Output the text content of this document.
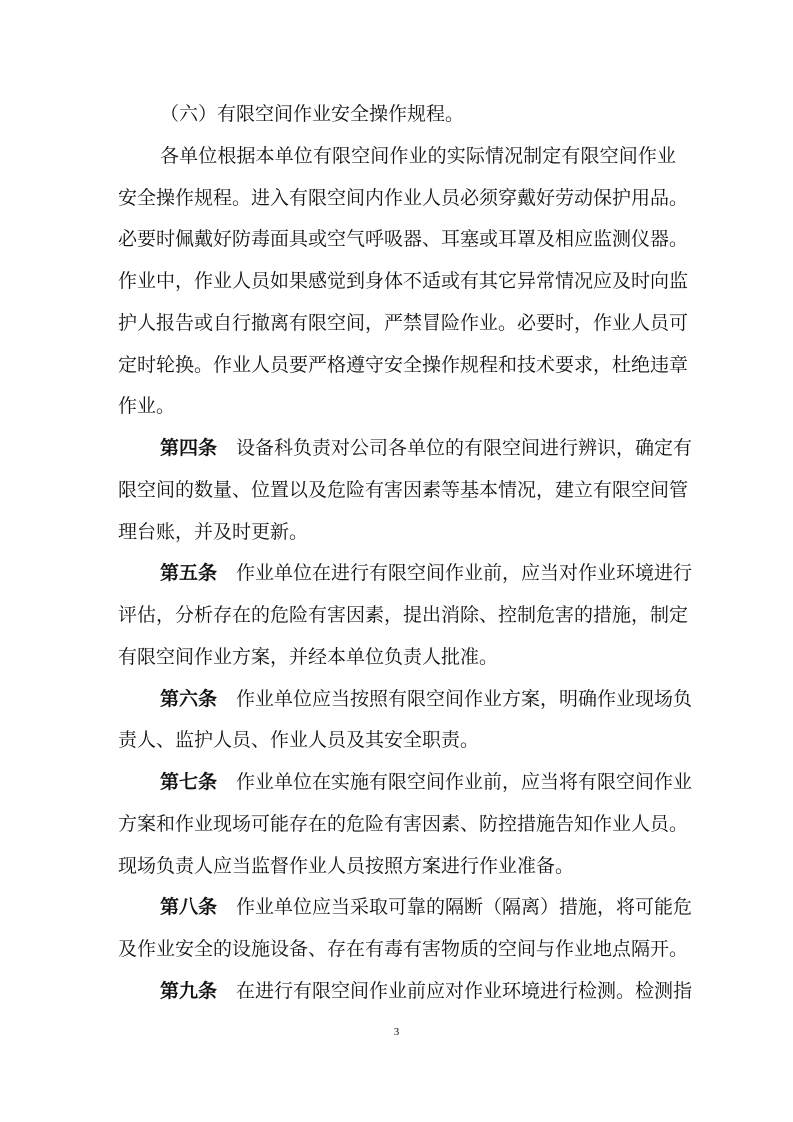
（六）有限空间作业安全操作规程。
各单位根据本单位有限空间作业的实际情况制定有限空间作业
安全操作规程。进入有限空间内作业人员必须穿戴好劳动保护用品。
必要时佩戴好防毒面具或空气呼吸器、耳塞或耳罩及相应监测仪器。
作业中，作业人员如果感觉到身体不适或有其它异常情况应及时向监
护人报告或自行撤离有限空间，严禁冒险作业。必要时，作业人员可
定时轮换。作业人员要严格遵守安全操作规程和技术要求，杜绝违章
作业。
第四条 设备科负责对公司各单位的有限空间进行辨识，确定有
限空间的数量、位置以及危险有害因素等基本情况，建立有限空间管
理台账，并及时更新。
第五条 作业单位在进行有限空间作业前，应当对作业环境进行
评估，分析存在的危险有害因素，提出消除、控制危害的措施，制定
有限空间作业方案，并经本单位负责人批准。
第六条 作业单位应当按照有限空间作业方案，明确作业现场负
责人、监护人员、作业人员及其安全职责。
第七条 作业单位在实施有限空间作业前，应当将有限空间作业
方案和作业现场可能存在的危险有害因素、防控措施告知作业人员。
现场负责人应当监督作业人员按照方案进行作业准备。
第八条 作业单位应当采取可靠的隔断（隔离）措施，将可能危
及作业安全的设施设备、存在有毒有害物质的空间与作业地点隔开。
第九条 在进行有限空间作业前应对作业环境进行检测。检测指
3
